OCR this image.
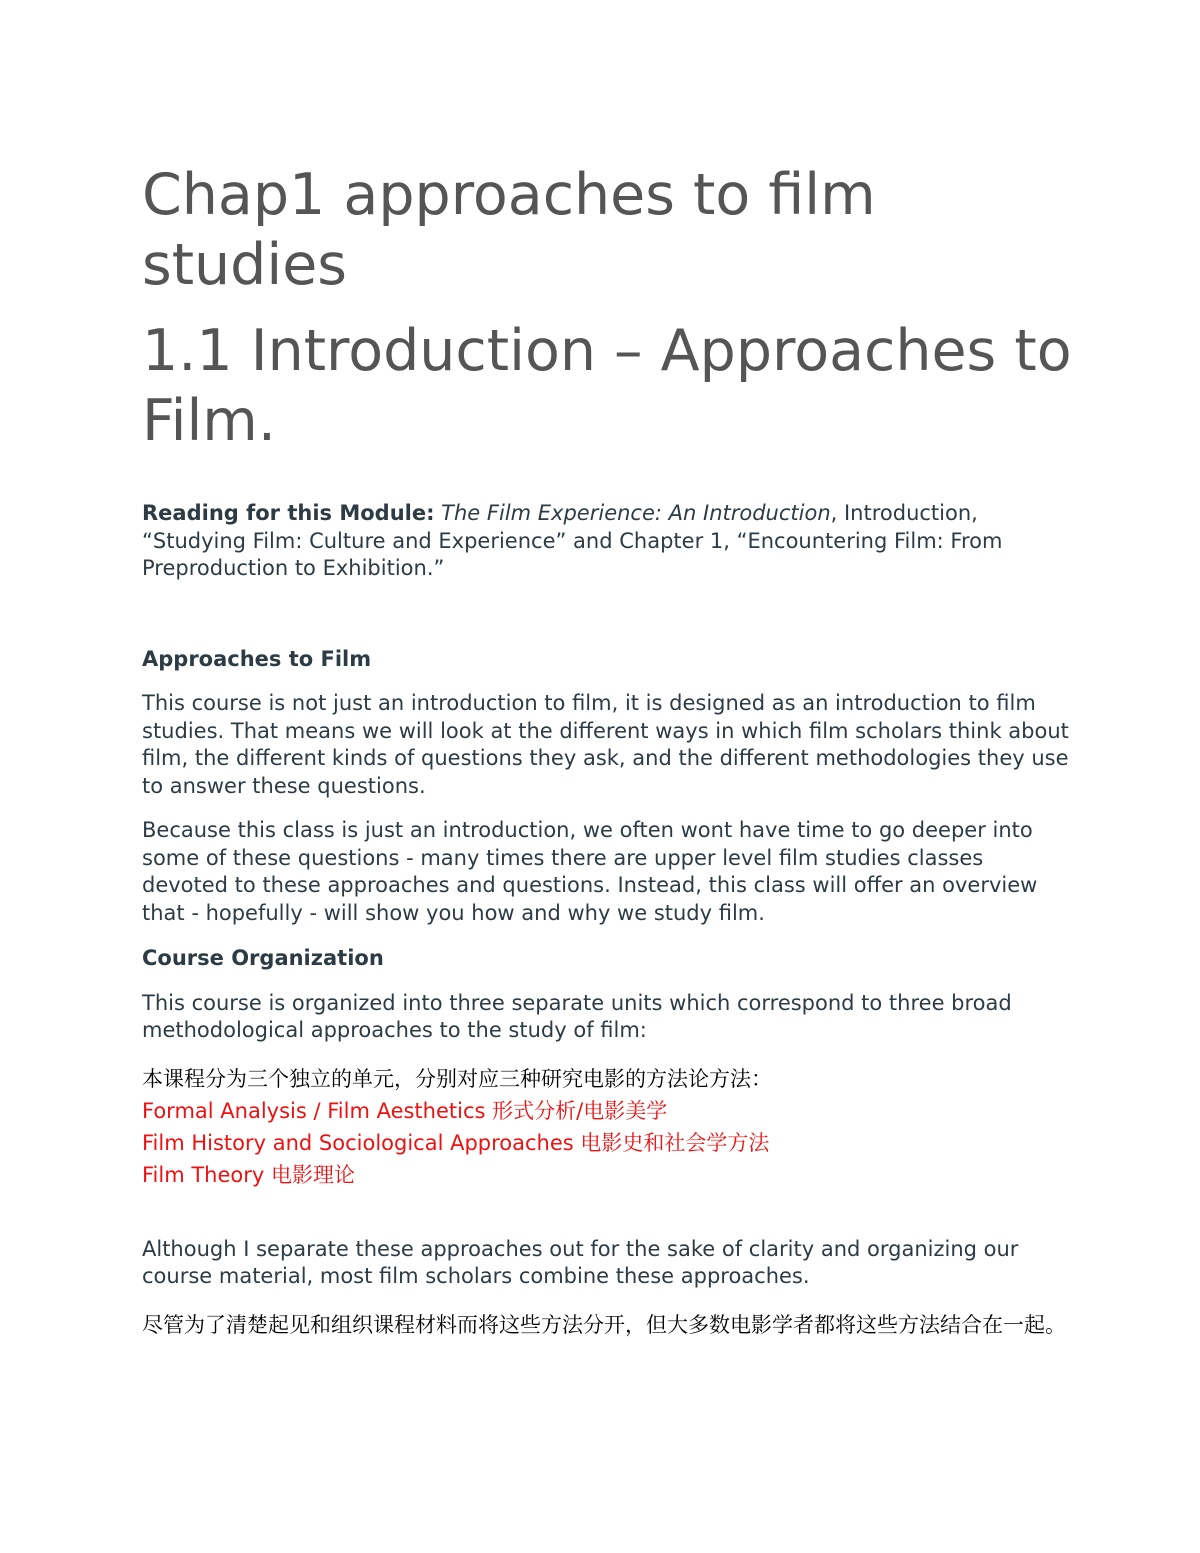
Chap1 approaches to film studies
1.1 Introduction – Approaches to Film.

Reading for this Module: The Film Experience: An Introduction, Introduction, “Studying Film: Culture and Experience” and Chapter 1, “Encountering Film: From Preproduction to Exhibition.”

Approaches to Film

This course is not just an introduction to film, it is designed as an introduction to film studies. That means we will look at the different ways in which film scholars think about film, the different kinds of questions they ask, and the different methodologies they use to answer these questions.

Because this class is just an introduction, we often wont have time to go deeper into some of these questions - many times there are upper level film studies classes devoted to these approaches and questions. Instead, this class will offer an overview that - hopefully - will show you how and why we study film.

Course Organization

This course is organized into three separate units which correspond to three broad methodological approaches to the study of film:

本课程分为三个独立的单元，分别对应三种研究电影的方法论方法：

Formal Analysis / Film Aesthetics 形式分析/电影美学
Film History and Sociological Approaches 电影史和社会学方法
Film Theory 电影理论

Although I separate these approaches out for the sake of clarity and organizing our course material, most film scholars combine these approaches.

尽管为了清楚起见和组织课程材料而将这些方法分开，但大多数电影学者都将这些方法结合在一起。
